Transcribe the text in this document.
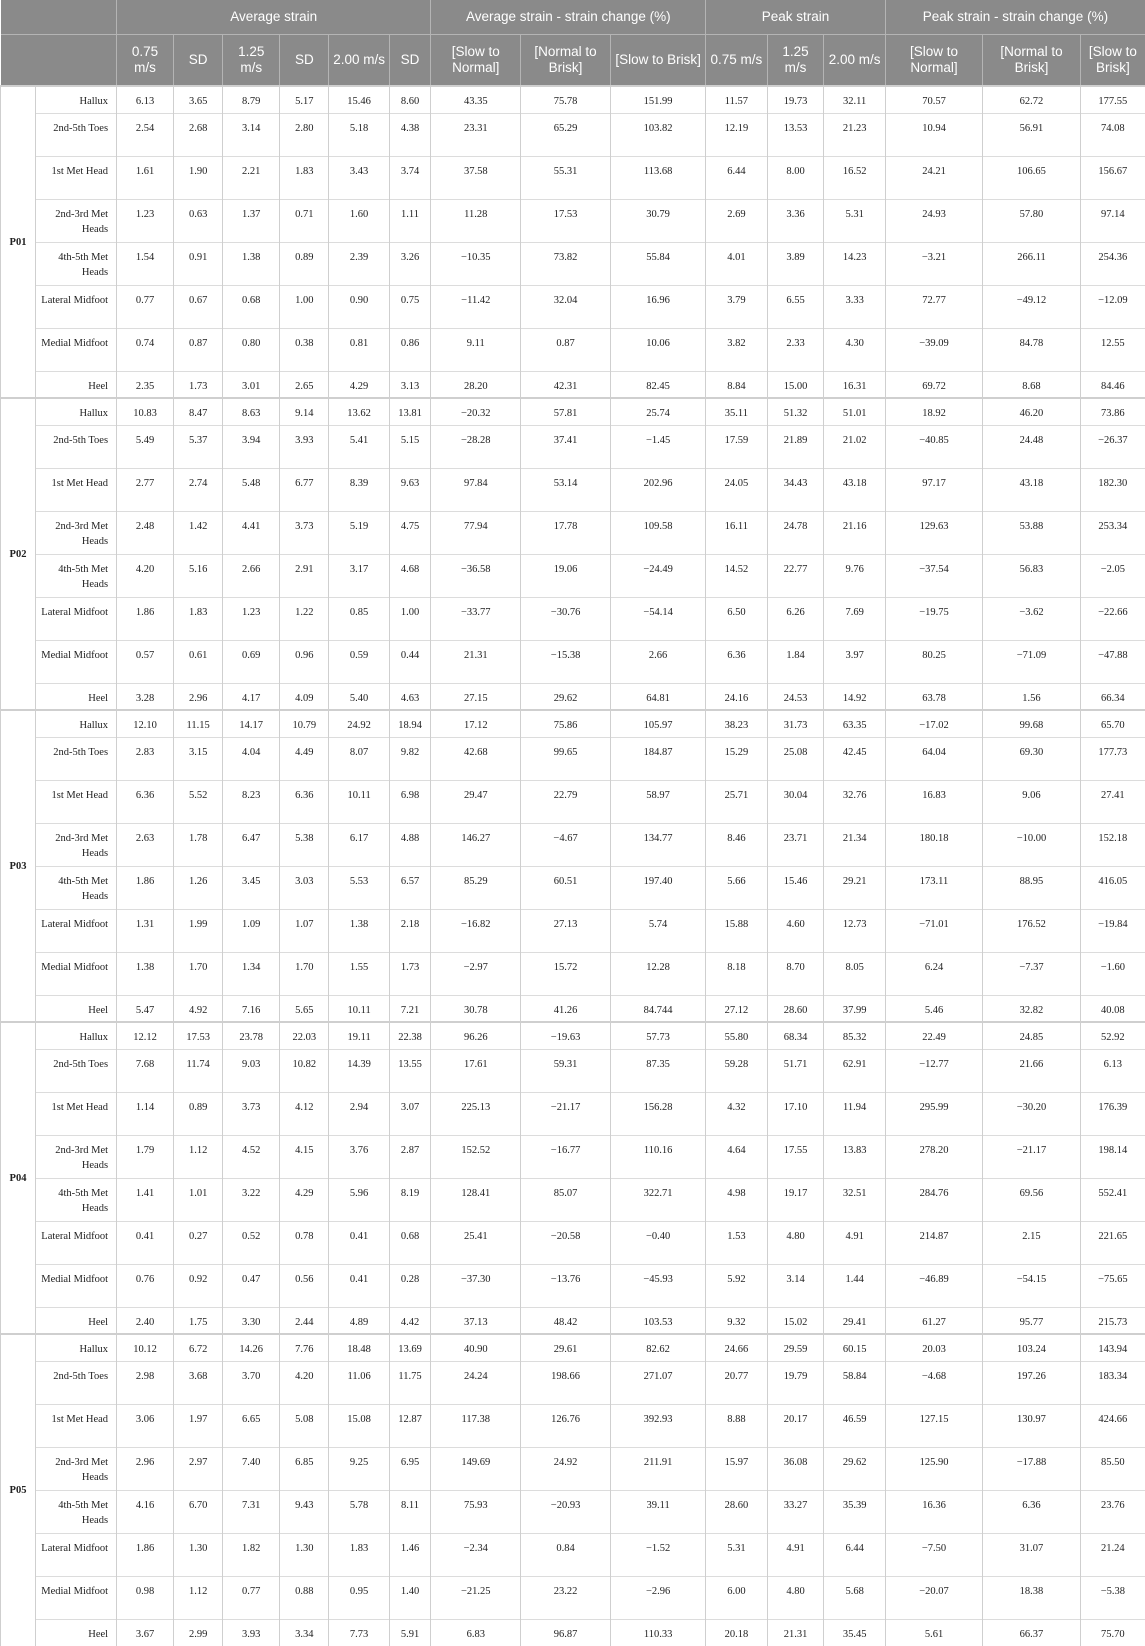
		Average strain						Average strain - strain change (%)			Peak strain			Peak strain - strain change (%)		
		0.75 m/s	SD	1.25 m/s	SD	2.00 m/s	SD	[Slow to Normal]	[Normal to Brisk]	[Slow to Brisk]	0.75 m/s	1.25 m/s	2.00 m/s	[Slow to Normal]	[Normal to Brisk]	[Slow to Brisk]
P01	Hallux	6.13	3.65	8.79	5.17	15.46	8.60	43.35	75.78	151.99	11.57	19.73	32.11	70.57	62.72	177.55
	2nd-5th Toes	2.54	2.68	3.14	2.80	5.18	4.38	23.31	65.29	103.82	12.19	13.53	21.23	10.94	56.91	74.08
	1st Met Head	1.61	1.90	2.21	1.83	3.43	3.74	37.58	55.31	113.68	6.44	8.00	16.52	24.21	106.65	156.67
	2nd-3rd Met Heads	1.23	0.63	1.37	0.71	1.60	1.11	11.28	17.53	30.79	2.69	3.36	5.31	24.93	57.80	97.14
	4th-5th Met Heads	1.54	0.91	1.38	0.89	2.39	3.26	−10.35	73.82	55.84	4.01	3.89	14.23	−3.21	266.11	254.36
	Lateral Midfoot	0.77	0.67	0.68	1.00	0.90	0.75	−11.42	32.04	16.96	3.79	6.55	3.33	72.77	−49.12	−12.09
	Medial Midfoot	0.74	0.87	0.80	0.38	0.81	0.86	9.11	0.87	10.06	3.82	2.33	4.30	−39.09	84.78	12.55
	Heel	2.35	1.73	3.01	2.65	4.29	3.13	28.20	42.31	82.45	8.84	15.00	16.31	69.72	8.68	84.46
P02	Hallux	10.83	8.47	8.63	9.14	13.62	13.81	−20.32	57.81	25.74	35.11	51.32	51.01	18.92	46.20	73.86
	2nd-5th Toes	5.49	5.37	3.94	3.93	5.41	5.15	−28.28	37.41	−1.45	17.59	21.89	21.02	−40.85	24.48	−26.37
	1st Met Head	2.77	2.74	5.48	6.77	8.39	9.63	97.84	53.14	202.96	24.05	34.43	43.18	97.17	43.18	182.30
	2nd-3rd Met Heads	2.48	1.42	4.41	3.73	5.19	4.75	77.94	17.78	109.58	16.11	24.78	21.16	129.63	53.88	253.34
	4th-5th Met Heads	4.20	5.16	2.66	2.91	3.17	4.68	−36.58	19.06	−24.49	14.52	22.77	9.76	−37.54	56.83	−2.05
	Lateral Midfoot	1.86	1.83	1.23	1.22	0.85	1.00	−33.77	−30.76	−54.14	6.50	6.26	7.69	−19.75	−3.62	−22.66
	Medial Midfoot	0.57	0.61	0.69	0.96	0.59	0.44	21.31	−15.38	2.66	6.36	1.84	3.97	80.25	−71.09	−47.88
	Heel	3.28	2.96	4.17	4.09	5.40	4.63	27.15	29.62	64.81	24.16	24.53	14.92	63.78	1.56	66.34
P03	Hallux	12.10	11.15	14.17	10.79	24.92	18.94	17.12	75.86	105.97	38.23	31.73	63.35	−17.02	99.68	65.70
	2nd-5th Toes	2.83	3.15	4.04	4.49	8.07	9.82	42.68	99.65	184.87	15.29	25.08	42.45	64.04	69.30	177.73
	1st Met Head	6.36	5.52	8.23	6.36	10.11	6.98	29.47	22.79	58.97	25.71	30.04	32.76	16.83	9.06	27.41
	2nd-3rd Met Heads	2.63	1.78	6.47	5.38	6.17	4.88	146.27	−4.67	134.77	8.46	23.71	21.34	180.18	−10.00	152.18
	4th-5th Met Heads	1.86	1.26	3.45	3.03	5.53	6.57	85.29	60.51	197.40	5.66	15.46	29.21	173.11	88.95	416.05
	Lateral Midfoot	1.31	1.99	1.09	1.07	1.38	2.18	−16.82	27.13	5.74	15.88	4.60	12.73	−71.01	176.52	−19.84
	Medial Midfoot	1.38	1.70	1.34	1.70	1.55	1.73	−2.97	15.72	12.28	8.18	8.70	8.05	6.24	−7.37	−1.60
	Heel	5.47	4.92	7.16	5.65	10.11	7.21	30.78	41.26	84.744	27.12	28.60	37.99	5.46	32.82	40.08
P04	Hallux	12.12	17.53	23.78	22.03	19.11	22.38	96.26	−19.63	57.73	55.80	68.34	85.32	22.49	24.85	52.92
	2nd-5th Toes	7.68	11.74	9.03	10.82	14.39	13.55	17.61	59.31	87.35	59.28	51.71	62.91	−12.77	21.66	6.13
	1st Met Head	1.14	0.89	3.73	4.12	2.94	3.07	225.13	−21.17	156.28	4.32	17.10	11.94	295.99	−30.20	176.39
	2nd-3rd Met Heads	1.79	1.12	4.52	4.15	3.76	2.87	152.52	−16.77	110.16	4.64	17.55	13.83	278.20	−21.17	198.14
	4th-5th Met Heads	1.41	1.01	3.22	4.29	5.96	8.19	128.41	85.07	322.71	4.98	19.17	32.51	284.76	69.56	552.41
	Lateral Midfoot	0.41	0.27	0.52	0.78	0.41	0.68	25.41	−20.58	−0.40	1.53	4.80	4.91	214.87	2.15	221.65
	Medial Midfoot	0.76	0.92	0.47	0.56	0.41	0.28	−37.30	−13.76	−45.93	5.92	3.14	1.44	−46.89	−54.15	−75.65
	Heel	2.40	1.75	3.30	2.44	4.89	4.42	37.13	48.42	103.53	9.32	15.02	29.41	61.27	95.77	215.73
P05	Hallux	10.12	6.72	14.26	7.76	18.48	13.69	40.90	29.61	82.62	24.66	29.59	60.15	20.03	103.24	143.94
	2nd-5th Toes	2.98	3.68	3.70	4.20	11.06	11.75	24.24	198.66	271.07	20.77	19.79	58.84	−4.68	197.26	183.34
	1st Met Head	3.06	1.97	6.65	5.08	15.08	12.87	117.38	126.76	392.93	8.88	20.17	46.59	127.15	130.97	424.66
	2nd-3rd Met Heads	2.96	2.97	7.40	6.85	9.25	6.95	149.69	24.92	211.91	15.97	36.08	29.62	125.90	−17.88	85.50
	4th-5th Met Heads	4.16	6.70	7.31	9.43	5.78	8.11	75.93	−20.93	39.11	28.60	33.27	35.39	16.36	6.36	23.76
	Lateral Midfoot	1.86	1.30	1.82	1.30	1.83	1.46	−2.34	0.84	−1.52	5.31	4.91	6.44	−7.50	31.07	21.24
	Medial Midfoot	0.98	1.12	0.77	0.88	0.95	1.40	−21.25	23.22	−2.96	6.00	4.80	5.68	−20.07	18.38	−5.38
	Heel	3.67	2.99	3.93	3.34	7.73	5.91	6.83	96.87	110.33	20.18	21.31	35.45	5.61	66.37	75.70
